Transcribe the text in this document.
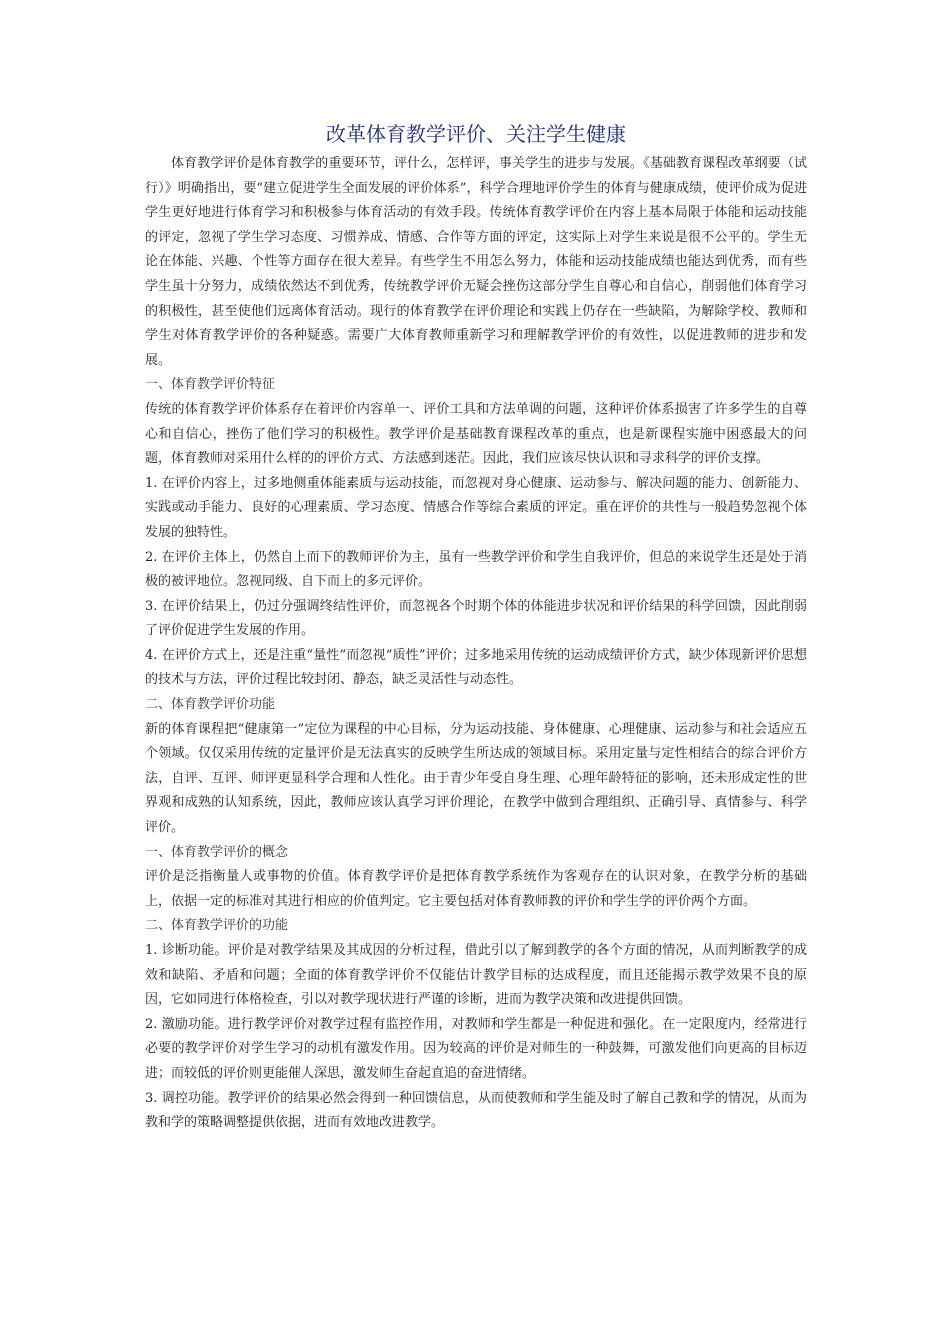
改革体育教学评价、关注学生健康

体育教学评价是体育教学的重要环节，评什么，怎样评，事关学生的进步与发展。《基础教育课程改革纲要（试行）》明确指出，要“建立促进学生全面发展的评价体系”，科学合理地评价学生的体育与健康成绩，使评价成为促进学生更好地进行体育学习和积极参与体育活动的有效手段。传统体育教学评价在内容上基本局限于体能和运动技能的评定，忽视了学生学习态度、习惯养成、情感、合作等方面的评定，这实际上对学生来说是很不公平的。学生无论在体能、兴趣、个性等方面存在很大差异。有些学生不用怎么努力，体能和运动技能成绩也能达到优秀，而有些学生虽十分努力，成绩依然达不到优秀，传统教学评价无疑会挫伤这部分学生自尊心和自信心，削弱他们体育学习的积极性，甚至使他们远离体育活动。现行的体育教学在评价理论和实践上仍存在一些缺陷，为解除学校、教师和学生对体育教学评价的各种疑惑。需要广大体育教师重新学习和理解教学评价的有效性，以促进教师的进步和发展。

一、体育教学评价特征

传统的体育教学评价体系存在着评价内容单一、评价工具和方法单调的问题，这种评价体系损害了许多学生的自尊心和自信心，挫伤了他们学习的积极性。教学评价是基础教育课程改革的重点，也是新课程实施中困惑最大的问题，体育教师对采用什么样的的评价方式、方法感到迷茫。因此，我们应该尽快认识和寻求科学的评价支撑。

1. 在评价内容上，过多地侧重体能素质与运动技能，而忽视对身心健康、运动参与、解决问题的能力、创新能力、实践或动手能力、良好的心理素质、学习态度、情感合作等综合素质的评定。重在评价的共性与一般趋势忽视个体发展的独特性。

2. 在评价主体上，仍然自上而下的教师评价为主，虽有一些教学评价和学生自我评价，但总的来说学生还是处于消极的被评地位。忽视同级、自下而上的多元评价。

3. 在评价结果上，仍过分强调终结性评价，而忽视各个时期个体的体能进步状况和评价结果的科学回馈，因此削弱了评价促进学生发展的作用。

4. 在评价方式上，还是注重“量性”而忽视“质性”评价；过多地采用传统的运动成绩评价方式，缺少体现新评价思想的技术与方法，评价过程比较封闭、静态，缺乏灵活性与动态性。

二、体育教学评价功能

新的体育课程把“健康第一”定位为课程的中心目标，分为运动技能、身体健康、心理健康、运动参与和社会适应五个领域。仅仅采用传统的定量评价是无法真实的反映学生所达成的领域目标。采用定量与定性相结合的综合评价方法，自评、互评、师评更显科学合理和人性化。由于青少年受自身生理、心理年龄特征的影响，还未形成定性的世界观和成熟的认知系统，因此，教师应该认真学习评价理论，在教学中做到合理组织、正确引导、真情参与、科学评价。

一、体育教学评价的概念

评价是泛指衡量人或事物的价值。体育教学评价是把体育教学系统作为客观存在的认识对象，在教学分析的基础上，依据一定的标准对其进行相应的价值判定。它主要包括对体育教师教的评价和学生学的评价两个方面。

二、体育教学评价的功能

1. 诊断功能。评价是对教学结果及其成因的分析过程，借此引以了解到教学的各个方面的情况，从而判断教学的成效和缺陷、矛盾和问题；全面的体育教学评价不仅能估计教学目标的达成程度，而且还能揭示教学效果不良的原因，它如同进行体格检查，引以对教学现状进行严谨的诊断，进而为教学决策和改进提供回馈。

2. 激励功能。进行教学评价对教学过程有监控作用，对教师和学生都是一种促进和强化。在一定限度内，经常进行必要的教学评价对学生学习的动机有激发作用。因为较高的评价是对师生的一种鼓舞，可激发他们向更高的目标迈进；而较低的评价则更能催人深思，激发师生奋起直追的奋进情绪。

3. 调控功能。教学评价的结果必然会得到一种回馈信息，从而使教师和学生能及时了解自己教和学的情况，从而为教和学的策略调整提供依据，进而有效地改进教学。
